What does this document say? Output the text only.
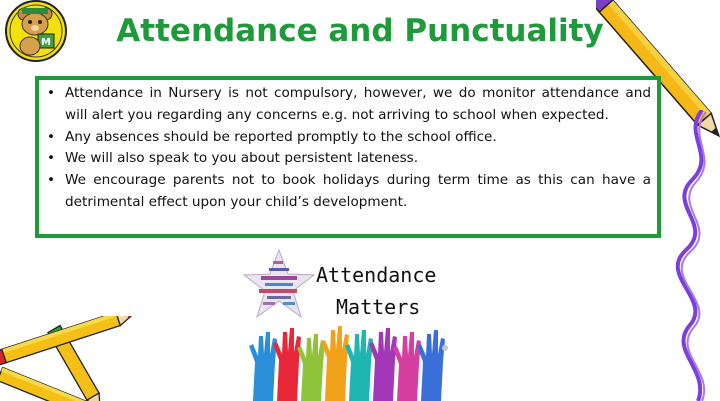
M	Attendance and Punctuality
• Attendance in Nursery is not compulsory, however, we do monitor attendance and will alert you regarding any concerns e.g. not arriving to school when expected.
• Any absences should be reported promptly to the school office.
• We will also speak to you about persistent lateness.
• We encourage parents not to book holidays during term time as this can have a detrimental effect upon your child’s development.
Attendance
Matters
